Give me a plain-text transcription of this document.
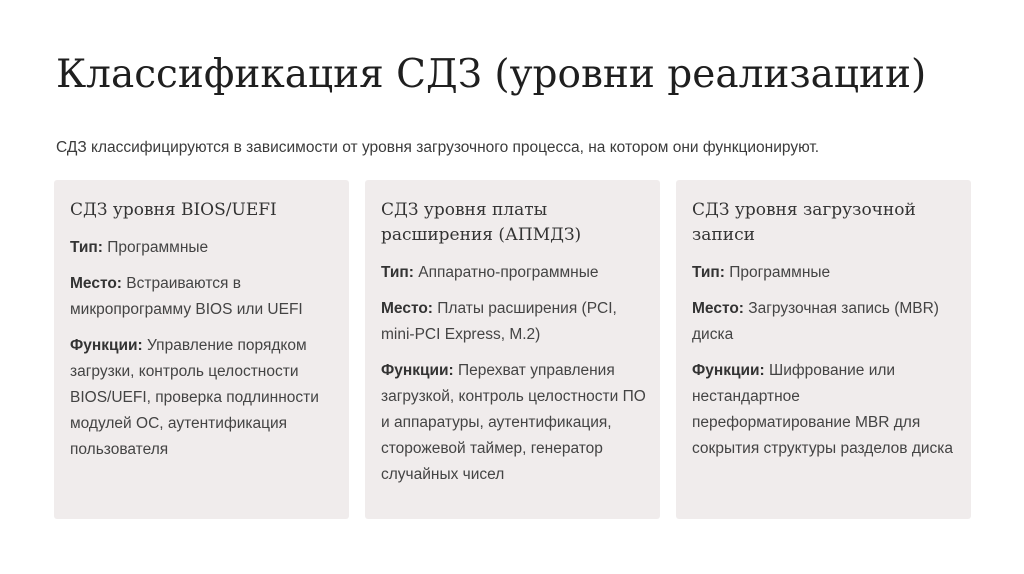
Классификация СДЗ (уровни реализации)

СДЗ классифицируются в зависимости от уровня загрузочного процесса, на котором они функционируют.

СДЗ уровня BIOS/UEFI

Тип: Программные

Место: Встраиваются в микропрограмму BIOS или UEFI

Функции: Управление порядком загрузки, контроль целостности BIOS/UEFI, проверка подлинности модулей ОС, аутентификация пользователя

СДЗ уровня платы расширения (АПМДЗ)

Тип: Аппаратно-программные

Место: Платы расширения (PCI, mini-PCI Express, M.2)

Функции: Перехват управления загрузкой, контроль целостности ПО и аппаратуры, аутентификация, сторожевой таймер, генератор случайных чисел

СДЗ уровня загрузочной записи

Тип: Программные

Место: Загрузочная запись (MBR) диска

Функции: Шифрование или нестандартное переформатирование MBR для сокрытия структуры разделов диска
